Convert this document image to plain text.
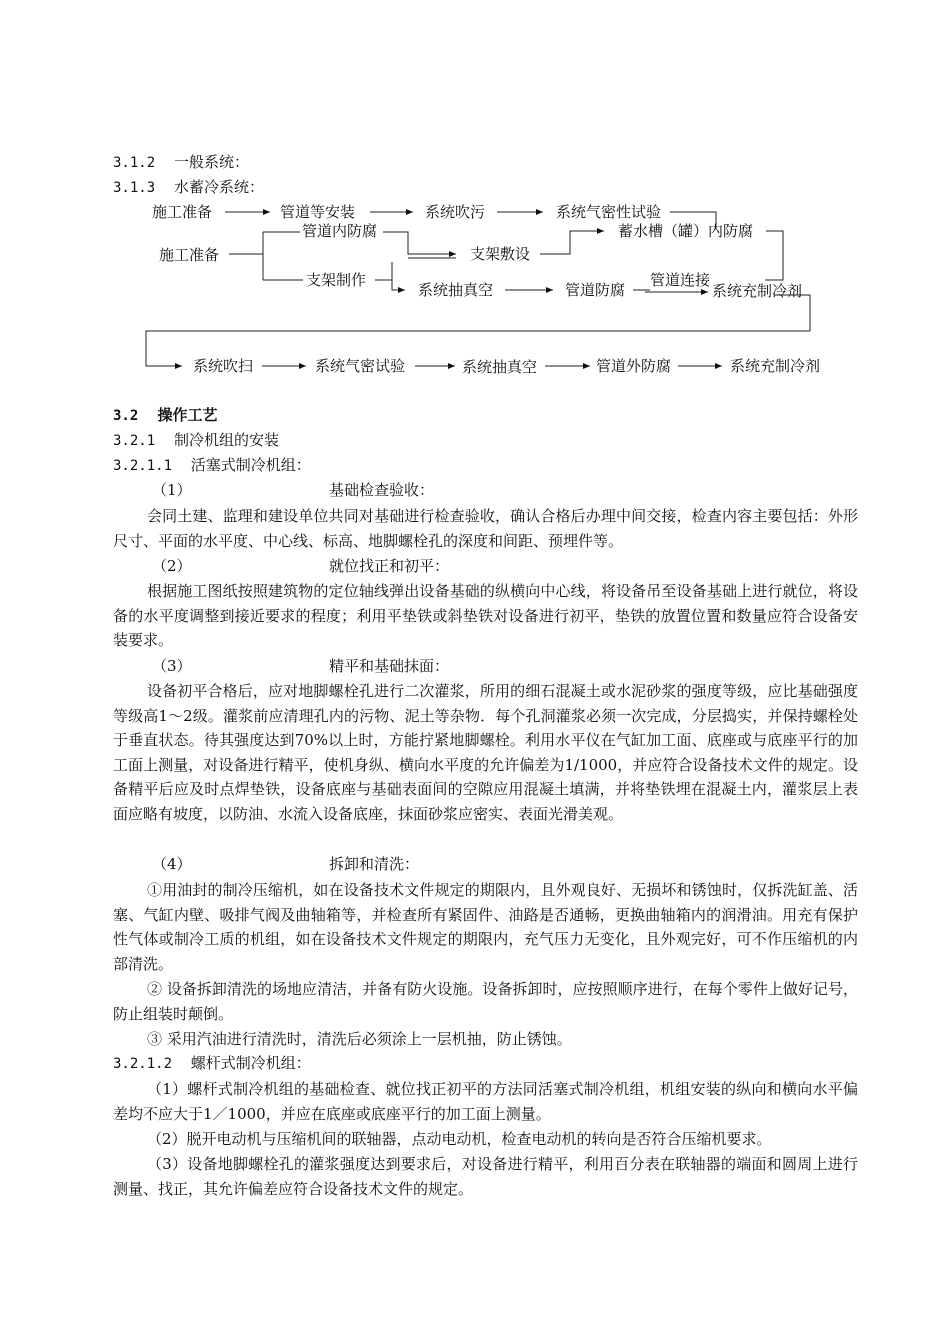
3.1.2 一般系统：
3.1.3 水蓄冷系统：
施工准备	管道等安装	系统吹污	系统气密性试验
施工准备
管道内防腐
支架敷设
蓄水槽（罐）内防腐
支架制作
系统抽真空	管道防腐
管道连接
系统充制冷剂
系统吹扫	系统气密试验	系统抽真空	管道外防腐	系统充制冷剂
3.2 操作工艺
3.2.1 制冷机组的安装
3.2.1.1 活塞式制冷机组：
（1）	基础检查验收：
会同土建、监理和建设单位共同对基础进行检查验收，确认合格后办理中间交接，检查内容主要包括：外形尺寸、平面的水平度、中心线、标高、地脚螺栓孔的深度和间距、预埋件等。
（2）	就位找正和初平：
根据施工图纸按照建筑物的定位轴线弹出设备基础的纵横向中心线，将设备吊至设备基础上进行就位，将设备的水平度调整到接近要求的程度；利用平垫铁或斜垫铁对设备进行初平，垫铁的放置位置和数量应符合设备安装要求。
（3）	精平和基础抹面：
设备初平合格后，应对地脚螺栓孔进行二次灌浆，所用的细石混凝土或水泥砂浆的强度等级，应比基础强度等级高1～2级。灌浆前应清理孔内的污物、泥土等杂物．每个孔洞灌浆必须一次完成，分层捣实，并保持螺栓处于垂直状态。待其强度达到70%以上时，方能拧紧地脚螺栓。利用水平仪在气缸加工面、底座或与底座平行的加工面上测量，对设备进行精平，使机身纵、横向水平度的允许偏差为1/1000，并应符合设备技术文件的规定。设备精平后应及时点焊垫铁，设备底座与基础表面间的空隙应用混凝土填满，并将垫铁埋在混凝土内，灌浆层上表面应略有坡度，以防油、水流入设备底座，抹面砂浆应密实、表面光滑美观。
（4）	拆卸和清洗：
①用油封的制冷压缩机，如在设备技术文件规定的期限内，且外观良好、无损坏和锈蚀时，仅拆洗缸盖、活塞、气缸内壁、吸排气阀及曲轴箱等，并检查所有紧固件、油路是否通畅，更换曲轴箱内的润滑油。用充有保护性气体或制冷工质的机组，如在设备技术文件规定的期限内，充气压力无变化，且外观完好，可不作压缩机的内部清洗。
② 设备拆卸清洗的场地应清洁，并备有防火设施。设备拆卸时，应按照顺序进行，在每个零件上做好记号，防止组装时颠倒。
③ 采用汽油进行清洗时，清洗后必须涂上一层机抽，防止锈蚀。
3.2.1.2 螺杆式制冷机组：
（1）螺杆式制冷机组的基础检查、就位找正初平的方法同活塞式制冷机组，机组安装的纵向和横向水平偏差均不应大于1／1000，并应在底座或底座平行的加工面上测量。
（2）脱开电动机与压缩机间的联轴器，点动电动机，检查电动机的转向是否符合压缩机要求。
（3）设备地脚螺栓孔的灌浆强度达到要求后，对设备进行精平，利用百分表在联轴器的端面和圆周上进行测量、找正，其允许偏差应符合设备技术文件的规定。
